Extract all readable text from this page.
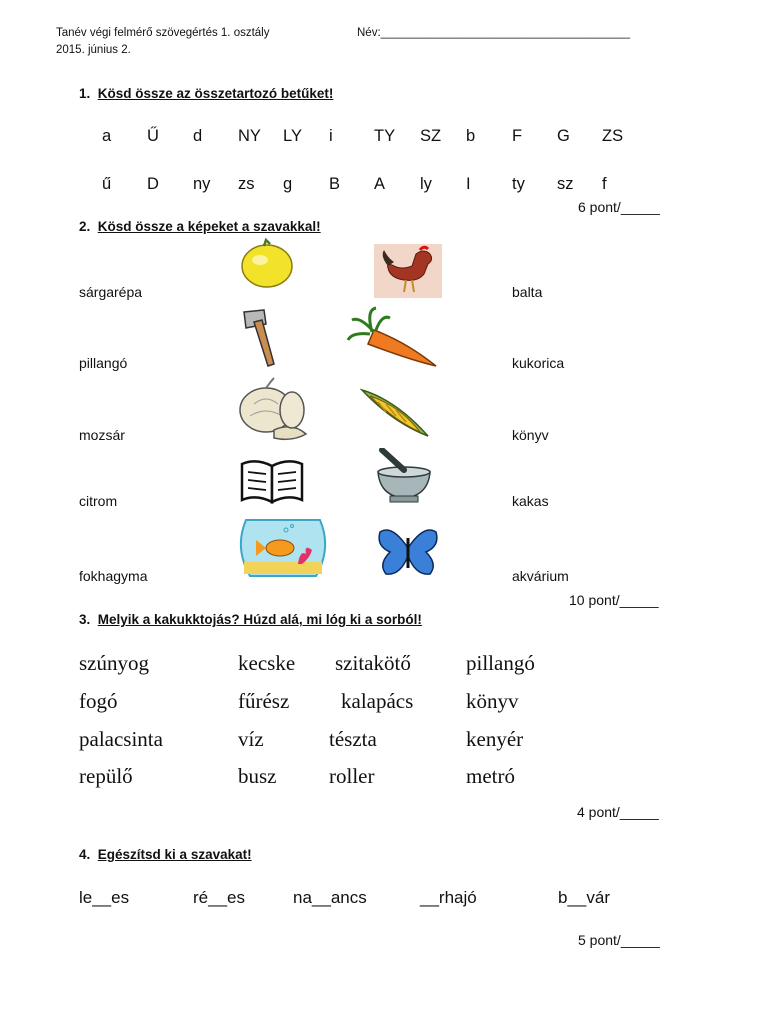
Tanév végi felmérő szövegértés 1. osztály
2015. június 2.
Név:_______________________________________
1. Kösd össze az összetartozó betűket!
a Ű d NY LY i	TY SZ b F G ZS
ű D ny zs g B A ly I	ty sz f
6 pont/_____
2. Kösd össze a képeket a szavakkal!
sárgarépa
pillangó
mozsár
citrom
fokhagyma
balta
kukorica
könyv
kakas
akvárium
10 pont/_____
3. Melyik a kakukktojás? Húzd alá, mi lóg ki a sorból!
szúnyog	kecske szitakötő	pillangó
fogó	fűrész kalapács	könyv
palacsinta	víz	tészta	kenyér
repülő	busz	roller	metró
4 pont/_____
4. Egészítsd ki a szavakat!
le__es	ré__es	na__ancs	__rhajó	b__vár
5 pont/_____
